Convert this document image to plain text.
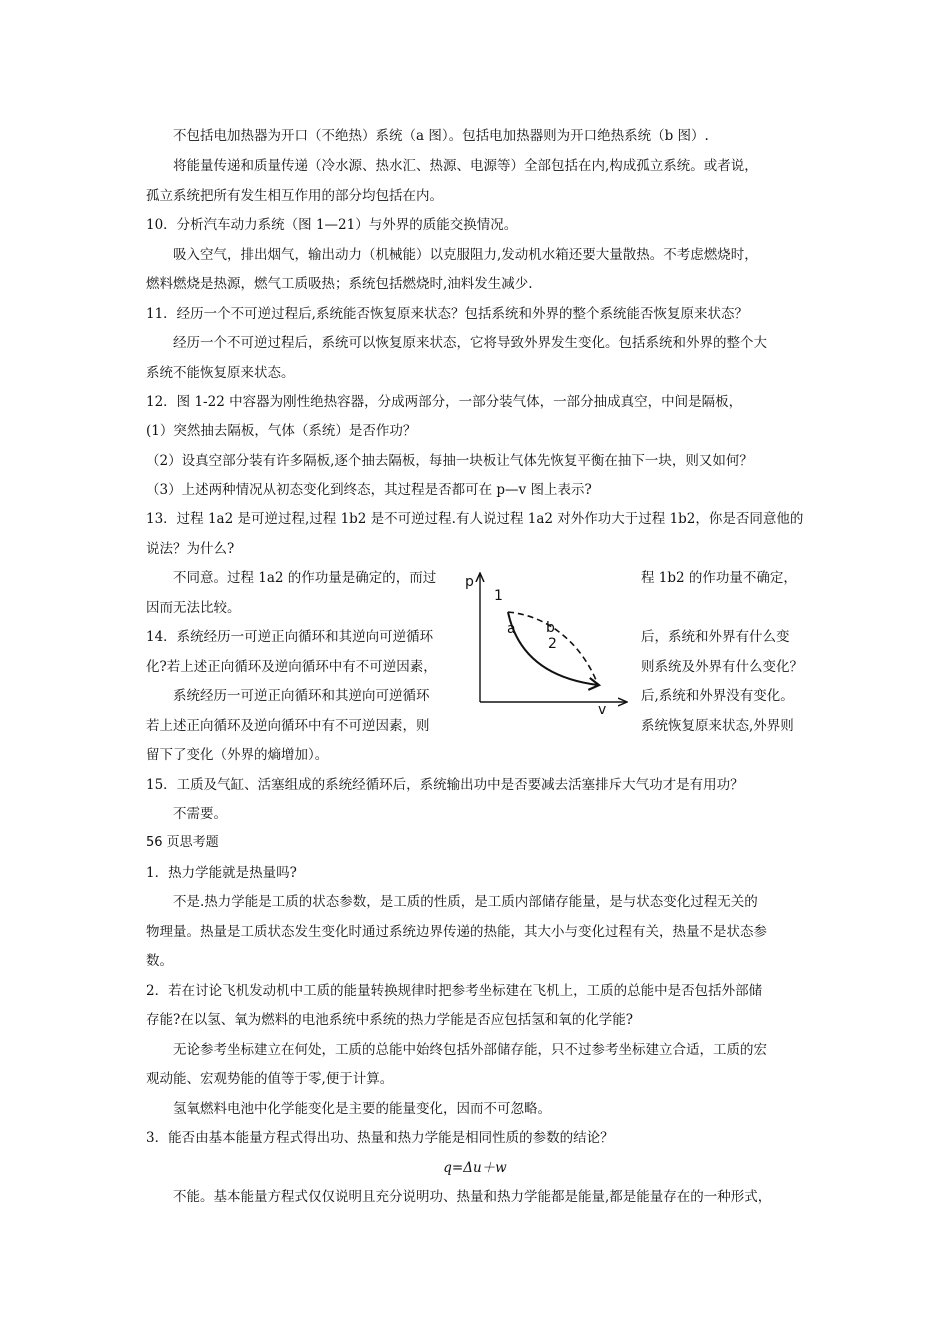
不包括电加热器为开口（不绝热）系统（a 图）。包括电加热器则为开口绝热系统（b 图）.
将能量传递和质量传递（冷水源、热水汇、热源、电源等）全部包括在内,构成孤立系统。或者说，
孤立系统把所有发生相互作用的部分均包括在内。
10．分析汽车动力系统（图 1—21）与外界的质能交换情况。
吸入空气，排出烟气，输出动力（机械能）以克服阻力,发动机水箱还要大量散热。不考虑燃烧时，
燃料燃烧是热源，燃气工质吸热；系统包括燃烧时,油料发生减少.
11．经历一个不可逆过程后,系统能否恢复原来状态？包括系统和外界的整个系统能否恢复原来状态？
经历一个不可逆过程后，系统可以恢复原来状态，它将导致外界发生变化。包括系统和外界的整个大
系统不能恢复原来状态。
12．图 1-22 中容器为刚性绝热容器，分成两部分，一部分装气体，一部分抽成真空，中间是隔板，
(1）突然抽去隔板，气体（系统）是否作功？
（2）设真空部分装有许多隔板,逐个抽去隔板，每抽一块板让气体先恢复平衡在抽下一块，则又如何？
（3）上述两种情况从初态变化到终态，其过程是否都可在 p—v 图上表示?
13．过程 1a2 是可逆过程,过程 1b2 是不可逆过程.有人说过程 1a2 对外作功大于过程 1b2，你是否同意他的
说法？为什么?
不同意。过程 1a2 的作功量是确定的，而过	程 1b2 的作功量不确定，
因而无法比较。
14．系统经历一可逆正向循环和其逆向可逆循环	后，系统和外界有什么变
化?若上述正向循环及逆向循环中有不可逆因素，	则系统及外界有什么变化？
系统经历一可逆正向循环和其逆向可逆循环	后,系统和外界没有变化。
若上述正向循环及逆向循环中有不可逆因素，则	系统恢复原来状态,外界则
留下了变化（外界的熵增加）。
p
v
1
2
a b
15．工质及气缸、活塞组成的系统经循环后，系统输出功中是否要减去活塞排斥大气功才是有用功？
不需要。
56 页思考题
1．热力学能就是热量吗?
不是.热力学能是工质的状态参数，是工质的性质，是工质内部储存能量，是与状态变化过程无关的
物理量。热量是工质状态发生变化时通过系统边界传递的热能，其大小与变化过程有关，热量不是状态参
数。
2．若在讨论飞机发动机中工质的能量转换规律时把参考坐标建在飞机上，工质的总能中是否包括外部储
存能?在以氢、氧为燃料的电池系统中系统的热力学能是否应包括氢和氧的化学能?
无论参考坐标建立在何处，工质的总能中始终包括外部储存能，只不过参考坐标建立合适，工质的宏
观动能、宏观势能的值等于零,便于计算。
氢氧燃料电池中化学能变化是主要的能量变化，因而不可忽略。
3．能否由基本能量方程式得出功、热量和热力学能是相同性质的参数的结论？
q=Δu＋w
不能。基本能量方程式仅仅说明且充分说明功、热量和热力学能都是能量,都是能量存在的一种形式，
